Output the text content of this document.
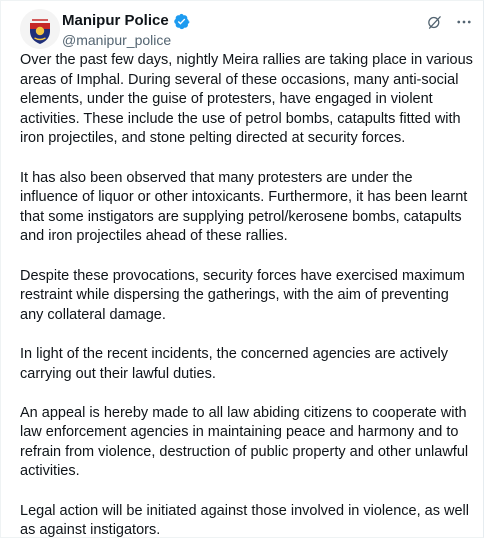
Manipur Police
@manipur_police

Over the past few days, nightly Meira rallies are taking place in various areas of Imphal. During several of these occasions, many anti-social elements, under the guise of protesters, have engaged in violent activities. These include the use of petrol bombs, catapults fitted with iron projectiles, and stone pelting directed at security forces.

It has also been observed that many protesters are under the influence of liquor or other intoxicants. Furthermore, it has been learnt that some instigators are supplying petrol/kerosene bombs, catapults and iron projectiles ahead of these rallies.

Despite these provocations, security forces have exercised maximum restraint while dispersing the gatherings, with the aim of preventing any collateral damage.

In light of the recent incidents, the concerned agencies are actively carrying out their lawful duties.

An appeal is hereby made to all law abiding citizens to cooperate with law enforcement agencies in maintaining peace and harmony and to refrain from violence, destruction of public property and other unlawful activities.

Legal action will be initiated against those involved in violence, as well as against instigators.
